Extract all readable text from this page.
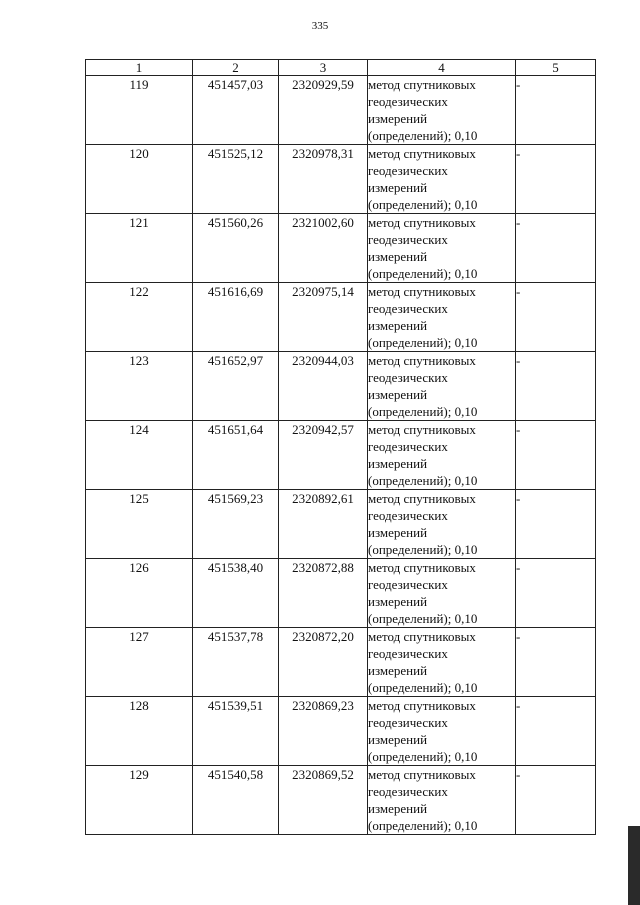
335
1	2	3	4	5
119	451457,03	2320929,59	метод спутниковых
геодезических
измерений
(определений); 0,10	-
120	451525,12	2320978,31	метод спутниковых
геодезических
измерений
(определений); 0,10	-
121	451560,26	2321002,60	метод спутниковых
геодезических
измерений
(определений); 0,10	-
122	451616,69	2320975,14	метод спутниковых
геодезических
измерений
(определений); 0,10	-
123	451652,97	2320944,03	метод спутниковых
геодезических
измерений
(определений); 0,10	-
124	451651,64	2320942,57	метод спутниковых
геодезических
измерений
(определений); 0,10	-
125	451569,23	2320892,61	метод спутниковых
геодезических
измерений
(определений); 0,10	-
126	451538,40	2320872,88	метод спутниковых
геодезических
измерений
(определений); 0,10	-
127	451537,78	2320872,20	метод спутниковых
геодезических
измерений
(определений); 0,10	-
128	451539,51	2320869,23	метод спутниковых
геодезических
измерений
(определений); 0,10	-
129	451540,58	2320869,52	метод спутниковых
геодезических
измерений
(определений); 0,10	-
